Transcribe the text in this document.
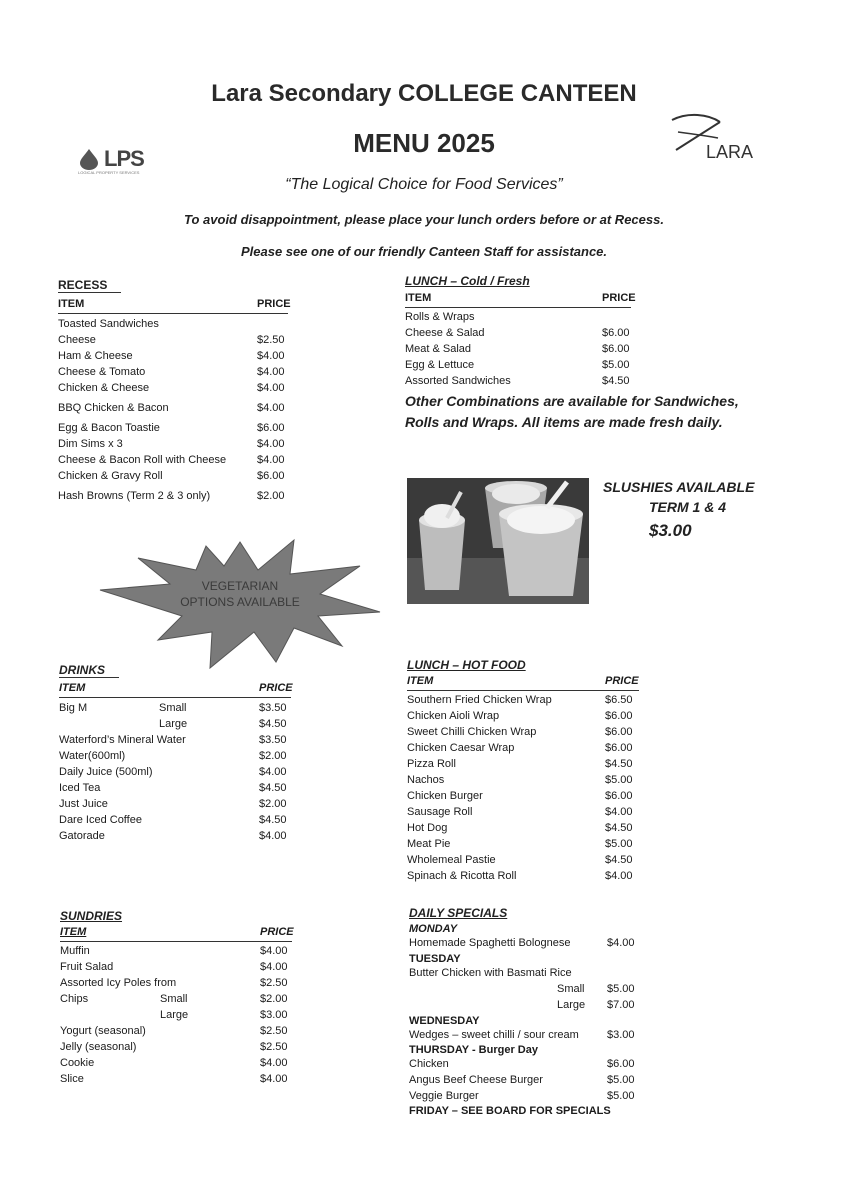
Lara Secondary COLLEGE CANTEEN
MENU 2025
“The Logical Choice for Food Services”
To avoid disappointment, please place your lunch orders before or at Recess.
Please see one of our friendly Canteen Staff for assistance.
LPS
LOGICAL PROPERTY SERVICES
LARA
RECESS
ITEM	PRICE
Toasted Sandwiches
Cheese	$2.50
Ham & Cheese	$4.00
Cheese & Tomato	$4.00
Chicken & Cheese	$4.00
BBQ Chicken & Bacon	$4.00
Egg & Bacon Toastie	$6.00
Dim Sims x 3	$4.00
Cheese & Bacon Roll with Cheese	$4.00
Chicken & Gravy Roll	$6.00
Hash Browns (Term 2 & 3 only)	$2.00
VEGETARIAN
OPTIONS AVAILABLE
LUNCH – Cold / Fresh
ITEM	PRICE
Rolls & Wraps
Cheese & Salad	$6.00
Meat & Salad	$6.00
Egg & Lettuce	$5.00
Assorted Sandwiches	$4.50
Other Combinations are available for Sandwiches,
Rolls and Wraps. All items are made fresh daily.
SLUSHIES AVAILABLE
TERM 1 & 4
$3.00
DRINKS
ITEM	PRICE
Big M	Small	$3.50
Large	$4.50
Waterford’s Mineral Water	$3.50
Water(600ml)	$2.00
Daily Juice (500ml)	$4.00
Iced Tea	$4.50
Just Juice	$2.00
Dare Iced Coffee	$4.50
Gatorade	$4.00
LUNCH – HOT FOOD
ITEM	PRICE
Southern Fried Chicken Wrap	$6.50
Chicken Aioli Wrap	$6.00
Sweet Chilli Chicken Wrap	$6.00
Chicken Caesar Wrap	$6.00
Pizza Roll	$4.50
Nachos	$5.00
Chicken Burger	$6.00
Sausage Roll	$4.00
Hot Dog	$4.50
Meat Pie	$5.00
Wholemeal Pastie	$4.50
Spinach & Ricotta Roll	$4.00
SUNDRIES
ITEM	PRICE
Muffin	$4.00
Fruit Salad	$4.00
Assorted Icy Poles from	$2.50
Chips	Small	$2.00
Large	$3.00
Yogurt (seasonal)	$2.50
Jelly (seasonal)	$2.50
Cookie	$4.00
Slice	$4.00
DAILY SPECIALS
MONDAY
Homemade Spaghetti Bolognese	$4.00
TUESDAY
Butter Chicken with Basmati Rice
Small $5.00
Large $7.00
WEDNESDAY
Wedges – sweet chilli / sour cream	$3.00
THURSDAY - Burger Day
Chicken	$6.00
Angus Beef Cheese Burger	$5.00
Veggie Burger	$5.00
FRIDAY – SEE BOARD FOR SPECIALS
